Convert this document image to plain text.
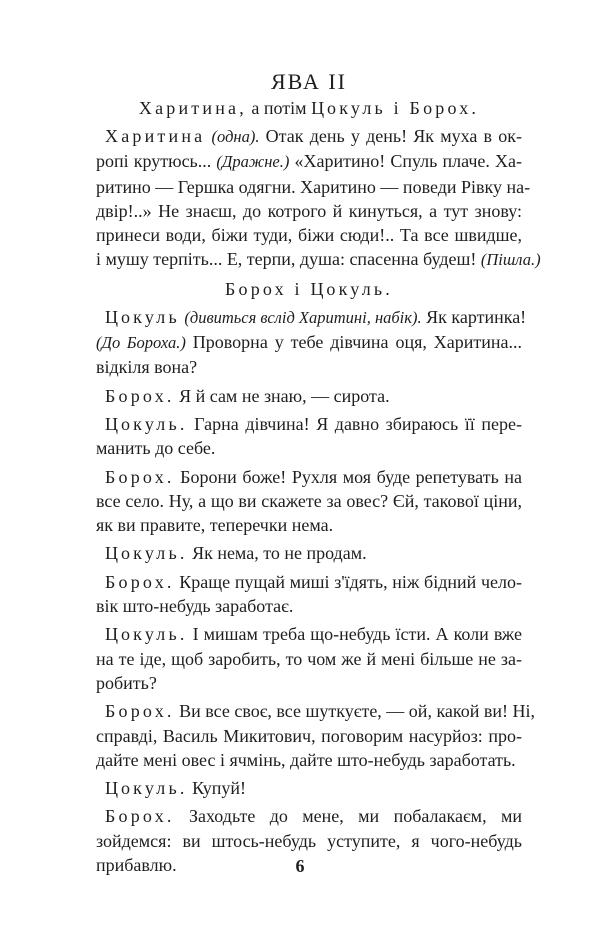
ЯВА II
Харитина, а потім Цокуль і Борох.
Харитина (одна). Отак день у день! Як муха в ок-
ропі крутюсь... (Дражне.) «Харитино! Спуль плаче. Ха-
ритино — Гершка одягни. Харитино — поведи Рівку на-
двір!..» Не знаєш, до котрого й кинуться, а тут знову:
принеси води, біжи туди, біжи сюди!.. Та все швидше,
і мушу терпіть... Е, терпи, душа: спасенна будеш! (Пішла.)
Борох і Цокуль.
Цокуль (дивиться вслід Харитині, набік). Як картинка!
(До Бороха.) Проворна у тебе дівчина оця, Харитина...
відкіля вона?
Борох. Я й сам не знаю, — сирота.
Цокуль. Гарна дівчина! Я давно збираюсь її пере-
манить до себе.
Борох. Борони боже! Рухля моя буде репетувать на
все село. Ну, а що ви скажете за овес? Єй, такової ціни,
як ви правите, теперечки нема.
Цокуль. Як нема, то не продам.
Борох. Краще пущай миші з'їдять, ніж бідний чело-
вік што-небудь заработає.
Цокуль. І мишам треба що-небудь їсти. А коли вже
на те іде, щоб заробить, то чом же й мені більше не за-
робить?
Борох. Ви все своє, все шуткуєте, — ой, какой ви! Ні,
справді, Василь Микитович, поговорим насурйоз: про-
дайте мені овес і ячмінь, дайте што-небудь заработать.
Цокуль. Купуй!
Борох. Заходьте до мене, ми побалакаєм, ми
зойдемся: ви штось-небудь уступите, я чого-небудь
прибавлю.	6
